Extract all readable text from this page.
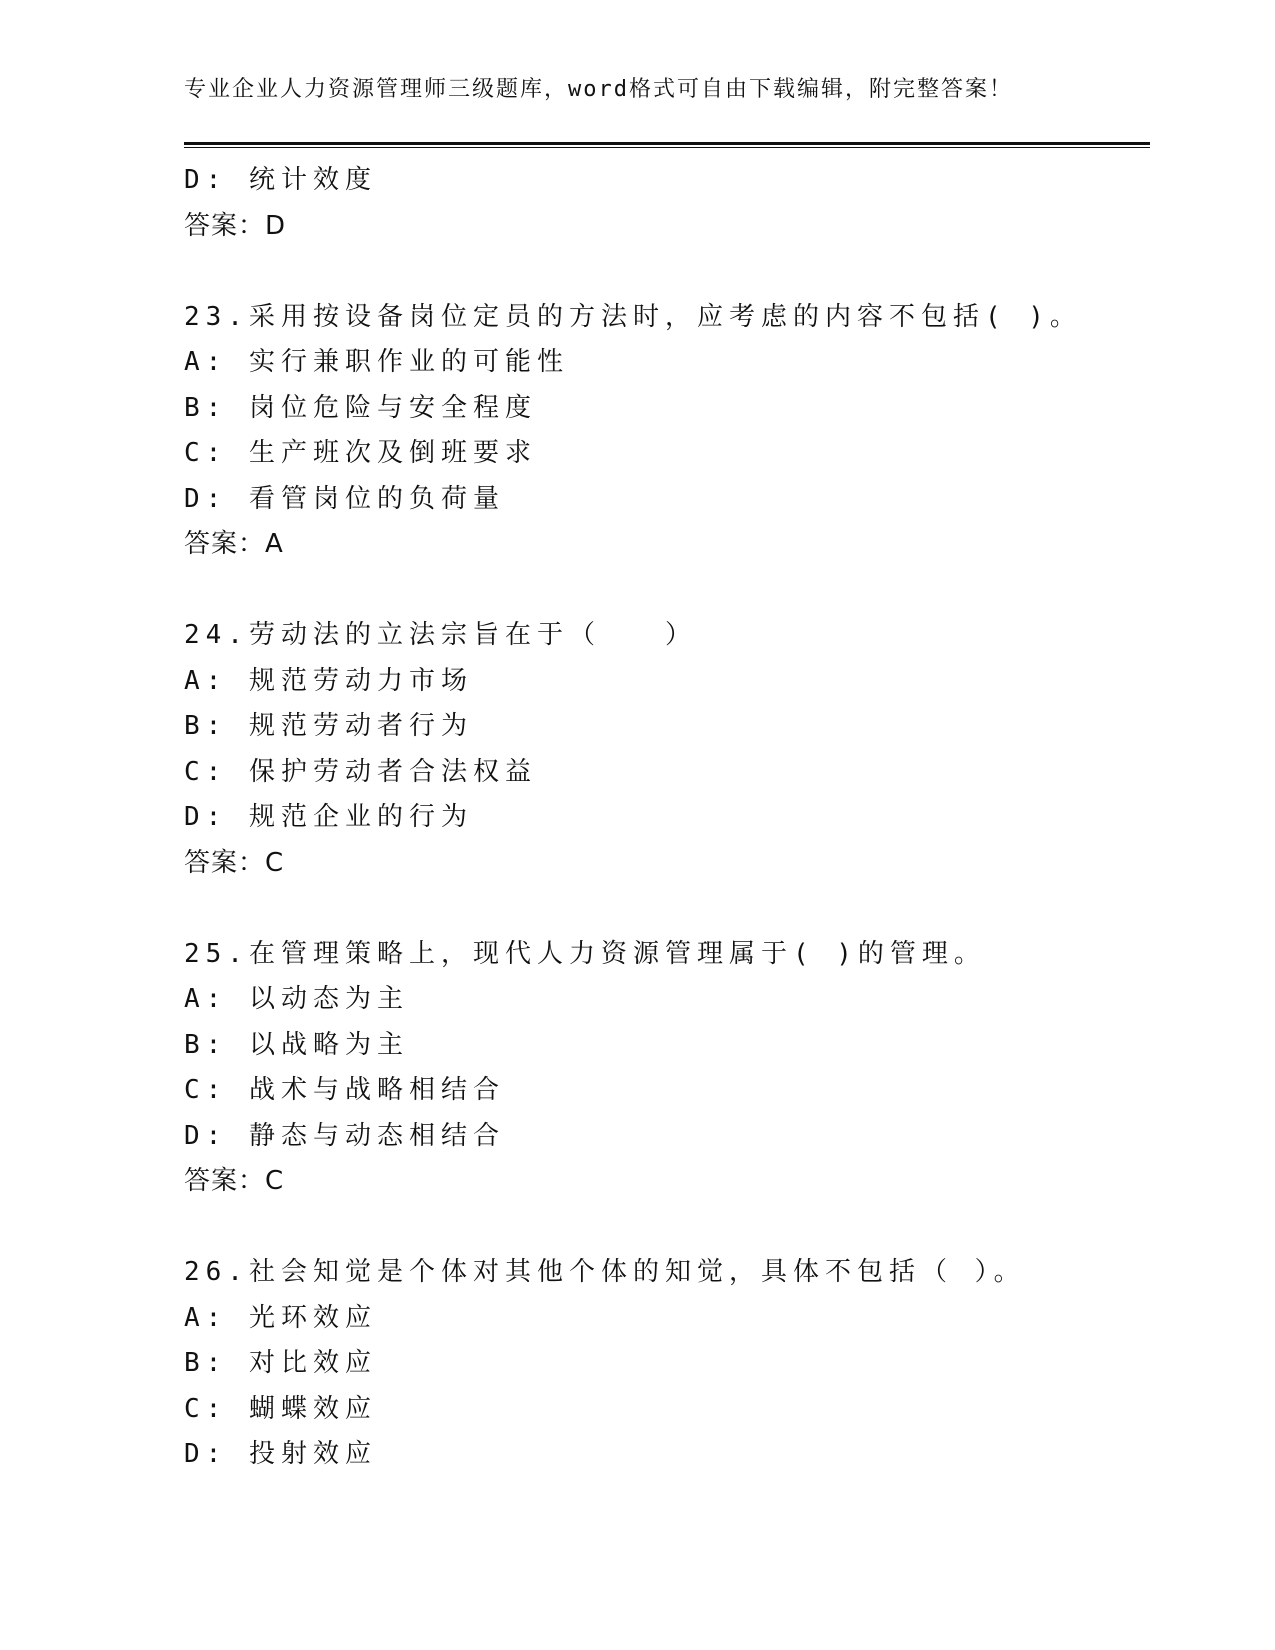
专业企业人力资源管理师三级题库，word格式可自由下载编辑，附完整答案！
D: 统计效度
答案：D
23.采用按设备岗位定员的方法时，应考虑的内容不包括( )。
A: 实行兼职作业的可能性
B: 岗位危险与安全程度
C: 生产班次及倒班要求
D: 看管岗位的负荷量
答案：A
24.劳动法的立法宗旨在于（　　）
A: 规范劳动力市场
B: 规范劳动者行为
C: 保护劳动者合法权益
D: 规范企业的行为
答案：C
25.在管理策略上，现代人力资源管理属于( )的管理。
A: 以动态为主
B: 以战略为主
C: 战术与战略相结合
D: 静态与动态相结合
答案：C
26.社会知觉是个体对其他个体的知觉，具体不包括（ ）。
A: 光环效应
B: 对比效应
C: 蝴蝶效应
D: 投射效应
